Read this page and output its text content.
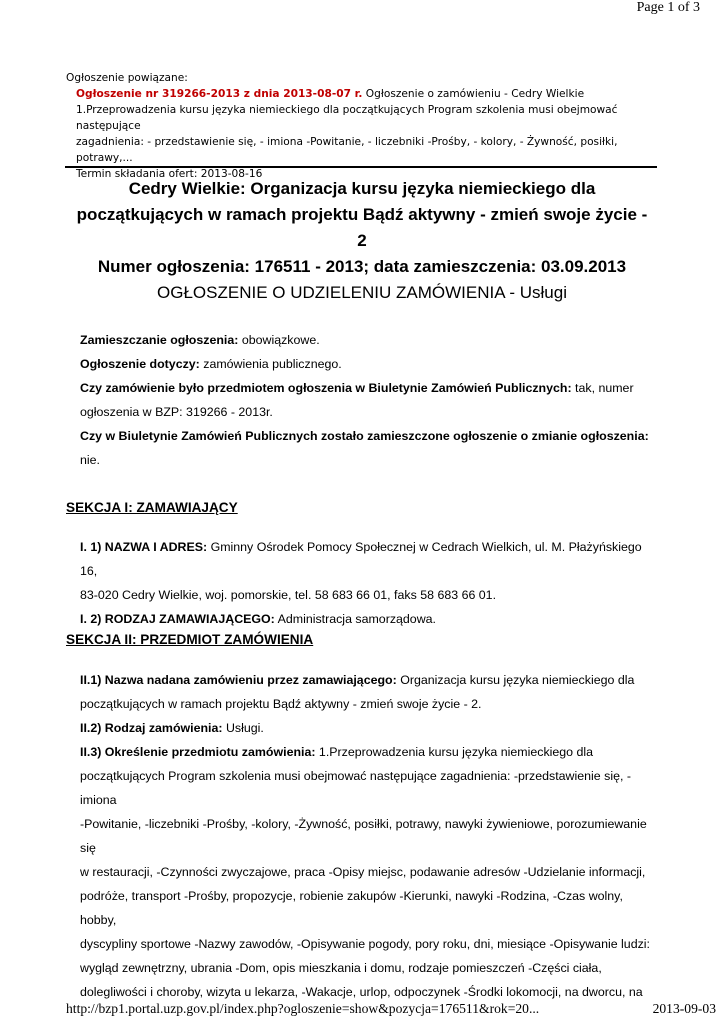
Page 1 of 3

Ogłoszenie powiązane:

Ogłoszenie nr 319266-2013 z dnia 2013-08-07 r. Ogłoszenie o zamówieniu - Cedry Wielkie

1.Przeprowadzenia kursu języka niemieckiego dla początkujących Program szkolenia musi obejmować następujące

zagadnienia: - przedstawienie się, - imiona -Powitanie, - liczebniki -Prośby, - kolory, - Żywność, posiłki,

potrawy,...

Termin składania ofert: 2013-08-16

Cedry Wielkie: Organizacja kursu języka niemieckiego dla

początkujących w ramach projektu Bądź aktywny - zmień swoje życie -

2

Numer ogłoszenia: 176511 - 2013; data zamieszczenia: 03.09.2013

OGŁOSZENIE O UDZIELENIU ZAMÓWIENIA - Usługi

Zamieszczanie ogłoszenia: obowiązkowe.

Ogłoszenie dotyczy: zamówienia publicznego.

Czy zamówienie było przedmiotem ogłoszenia w Biuletynie Zamówień Publicznych: tak, numer

ogłoszenia w BZP: 319266 - 2013r.

Czy w Biuletynie Zamówień Publicznych zostało zamieszczone ogłoszenie o zmianie ogłoszenia:

nie.

SEKCJA I: ZAMAWIAJĄCY

I. 1) NAZWA I ADRES: Gminny Ośrodek Pomocy Społecznej w Cedrach Wielkich, ul. M. Płażyńskiego 16,

83-020 Cedry Wielkie, woj. pomorskie, tel. 58 683 66 01, faks 58 683 66 01.

I. 2) RODZAJ ZAMAWIAJĄCEGO: Administracja samorządowa.

SEKCJA II: PRZEDMIOT ZAMÓWIENIA

II.1) Nazwa nadana zamówieniu przez zamawiającego: Organizacja kursu języka niemieckiego dla

początkujących w ramach projektu Bądź aktywny - zmień swoje życie - 2.

II.2) Rodzaj zamówienia: Usługi.

II.3) Określenie przedmiotu zamówienia: 1.Przeprowadzenia kursu języka niemieckiego dla

początkujących Program szkolenia musi obejmować następujące zagadnienia: -przedstawienie się, -imiona

-Powitanie, -liczebniki -Prośby, -kolory, -Żywność, posiłki, potrawy, nawyki żywieniowe, porozumiewanie się

w restauracji, -Czynności zwyczajowe, praca -Opisy miejsc, podawanie adresów -Udzielanie informacji,

podróże, transport -Prośby, propozycje, robienie zakupów -Kierunki, nawyki -Rodzina, -Czas wolny, hobby,

dyscypliny sportowe -Nazwy zawodów, -Opisywanie pogody, pory roku, dni, miesiące -Opisywanie ludzi:

wygląd zewnętrzny, ubrania -Dom, opis mieszkania i domu, rodzaje pomieszczeń -Części ciała,

dolegliwości i choroby, wizyta u lekarza, -Wakacje, urlop, odpoczynek -Środki lokomocji, na dworcu, na

http://bzp1.portal.uzp.gov.pl/index.php?ogloszenie=show&pozycja=176511&rok=20...	2013-09-03
